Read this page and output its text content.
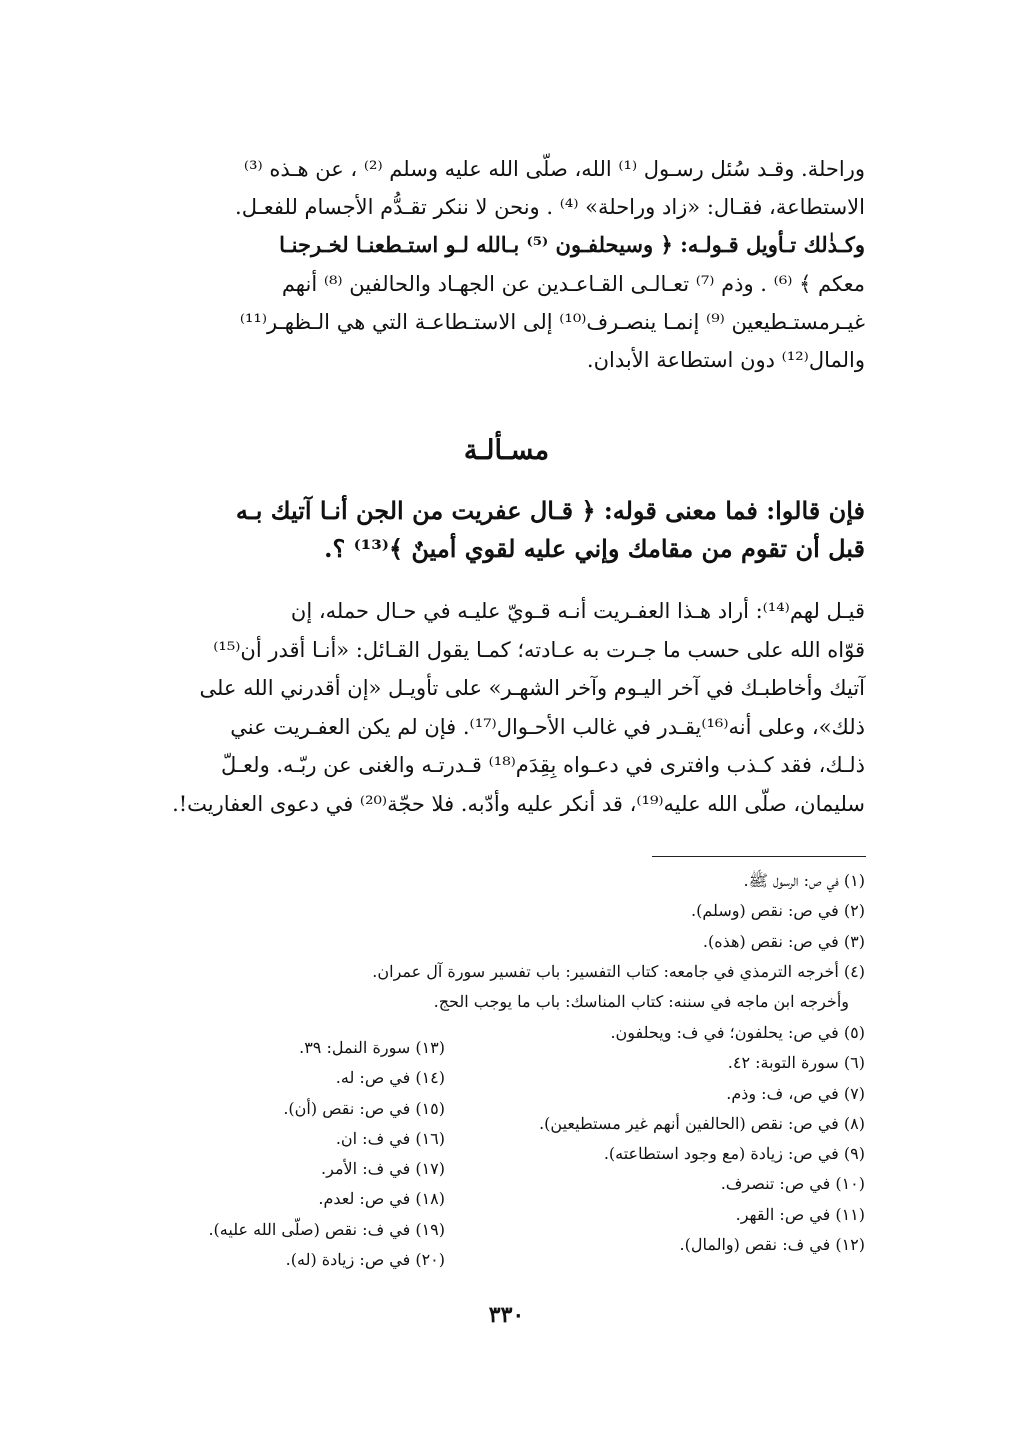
وراحلة. وقـد سُئل رسـول ⁽¹⁾ الله، صلّى الله عليه وسلم ⁽²⁾ ، عن هـذه ⁽³⁾
الاستطاعة، فقـال: «زاد وراحلة» ⁽⁴⁾ . ونحن لا ننكر تقـدُّم الأجسام للفعـل.
وكـذٰلك تـأويل قـولـه: ﴿ وسيحلفـون ⁽⁵⁾ بـالله لـو استـطعنـا لخـرجنـا
معكم ﴾ ⁽⁶⁾ . وذم ⁽⁷⁾ تعـالـى القـاعـدين عن الجهـاد والحالفين ⁽⁸⁾ أنهم
غيـرمستـطيعين ⁽⁹⁾ إنمـا ينصـرف⁽¹⁰⁾ إلى الاستـطاعـة التي هي الـظهـر⁽¹¹⁾
والمال⁽¹²⁾ دون استطاعة الأبدان.
مسـألـة
فإن قالوا: فما معنى قوله: ﴿ قـال عفريت من الجن أنـا آتيك بـه
قبل أن تقوم من مقامك وإني عليه لقوي أمينٌ ﴾⁽¹³⁾ ؟.
قيـل لهم⁽¹⁴⁾: أراد هـذا العفـريت أنـه قـويّ عليـه في حـال حمله، إن
قوّاه الله على حسب ما جـرت به عـادته؛ كمـا يقول القـائل: «أنـا أقدر أن⁽¹⁵⁾
آتيك وأخاطبـك في آخر اليـوم وآخر الشهـر» على تأويـل «إن أقدرني الله على
ذلك»، وعلى أنه⁽¹⁶⁾يقـدر في غالب الأحـوال⁽¹⁷⁾. فإن لم يكن العفـريت عني
ذلـك، فقد كـذب وافترى في دعـواه بِقِدَم⁽¹⁸⁾ قـدرتـه والغنى عن ربّـه. ولعـلّ
سليمان، صلّى الله عليه⁽¹⁹⁾، قد أنكر عليه وأدّبه. فلا حجّة⁽²⁰⁾ في دعوى العفاريت!.
(١) في ص: الرسول ﷺ.
(٢) في ص: نقص (وسلم).
(٣) في ص: نقص (هذه).
(٤) أخرجه الترمذي في جامعه: كتاب التفسير: باب تفسير سورة آل عمران.
وأخرجه ابن ماجه في سننه: كتاب المناسك: باب ما يوجب الحج.
(٥) في ص: يحلفون؛ في ف: ويحلفون.
(٦) سورة التوبة: ٤٢.
(٧) في ص، ف: وذم.
(٨) في ص: نقص (الحالفين أنهم غير مستطيعين).
(٩) في ص: زيادة (مع وجود استطاعته).
(١٠) في ص: تنصرف.
(١١) في ص: القهر.
(١٢) في ف: نقص (والمال).
(١٣) سورة النمل: ٣٩.
(١٤) في ص: له.
(١٥) في ص: نقص (أن).
(١٦) في ف: ان.
(١٧) في ف: الأمر.
(١٨) في ص: لعدم.
(١٩) في ف: نقص (صلّى الله عليه).
(٢٠) في ص: زيادة (له).
٣٣٠
